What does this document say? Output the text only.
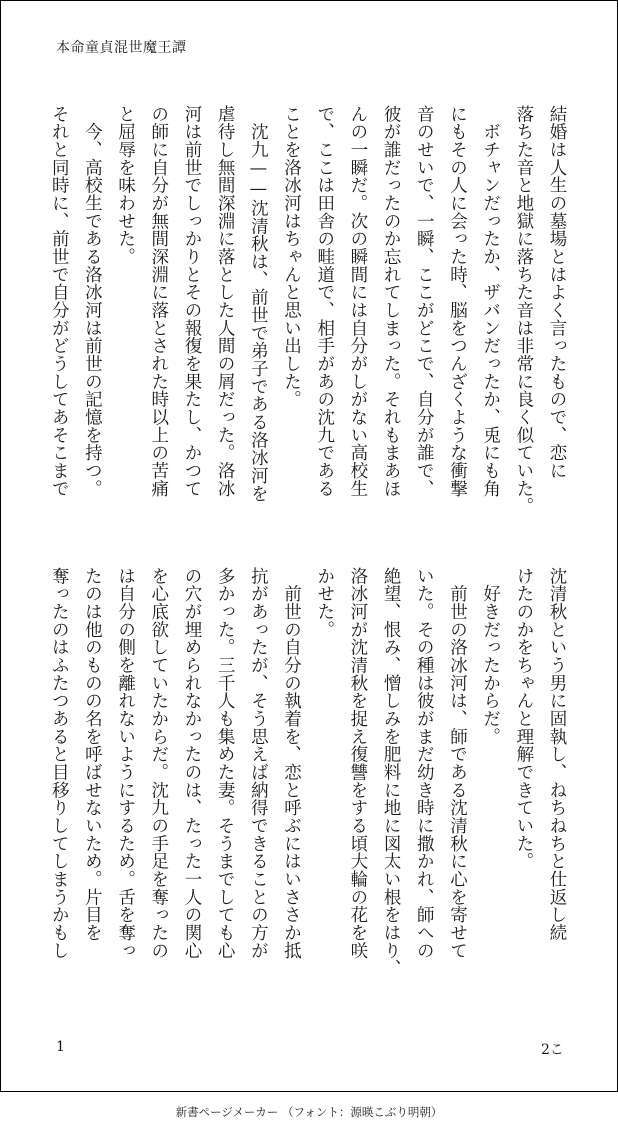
本命童貞混世魔王譚
結婚は人生の墓場とはよく言ったもので、恋に
落ちた音と地獄に落ちた音は非常に良く似ていた。
　ボチャンだったか、ザバンだったか、兎にも角
にもその人に会った時、脳をつんざくような衝撃
音のせいで、一瞬、ここがどこで、自分が誰で、
彼が誰だったのか忘れてしまった。それもまあほ
んの一瞬だ。次の瞬間には自分がしがない高校生
で、ここは田舎の畦道で、相手があの沈九である
ことを洛冰河はちゃんと思い出した。
　沈九——沈清秋は、前世で弟子である洛冰河を
虐待し無間深淵に落とした人間の屑だった。洛冰
河は前世でしっかりとその報復を果たし、かつて
の師に自分が無間深淵に落とされた時以上の苦痛
と屈辱を味わせた。
　今、高校生である洛冰河は前世の記憶を持つ。
それと同時に、前世で自分がどうしてあそこまで
沈清秋という男に固執し、ねちねちと仕返し続
けたのかをちゃんと理解できていた。
　好きだったからだ。
　前世の洛冰河は、師である沈清秋に心を寄せて
いた。その種は彼がまだ幼き時に撒かれ、師への
絶望、恨み、憎しみを肥料に地に図太い根をはり、
洛冰河が沈清秋を捉え復讐をする頃大輪の花を咲
かせた。
　前世の自分の執着を、恋と呼ぶにはいささか抵
抗があったが、そう思えば納得できることの方が
多かった。三千人も集めた妻。そうまでしても心
の穴が埋められなかったのは、たった一人の関心
を心底欲していたからだ。沈九の手足を奪ったの
は自分の側を離れないようにするため。舌を奪っ
たのは他のものの名を呼ばせないため。片目を
奪ったのはふたつあると目移りしてしまうかもし
1	2こ
新書ページメーカー （フォント：源暎こぶり明朝）
